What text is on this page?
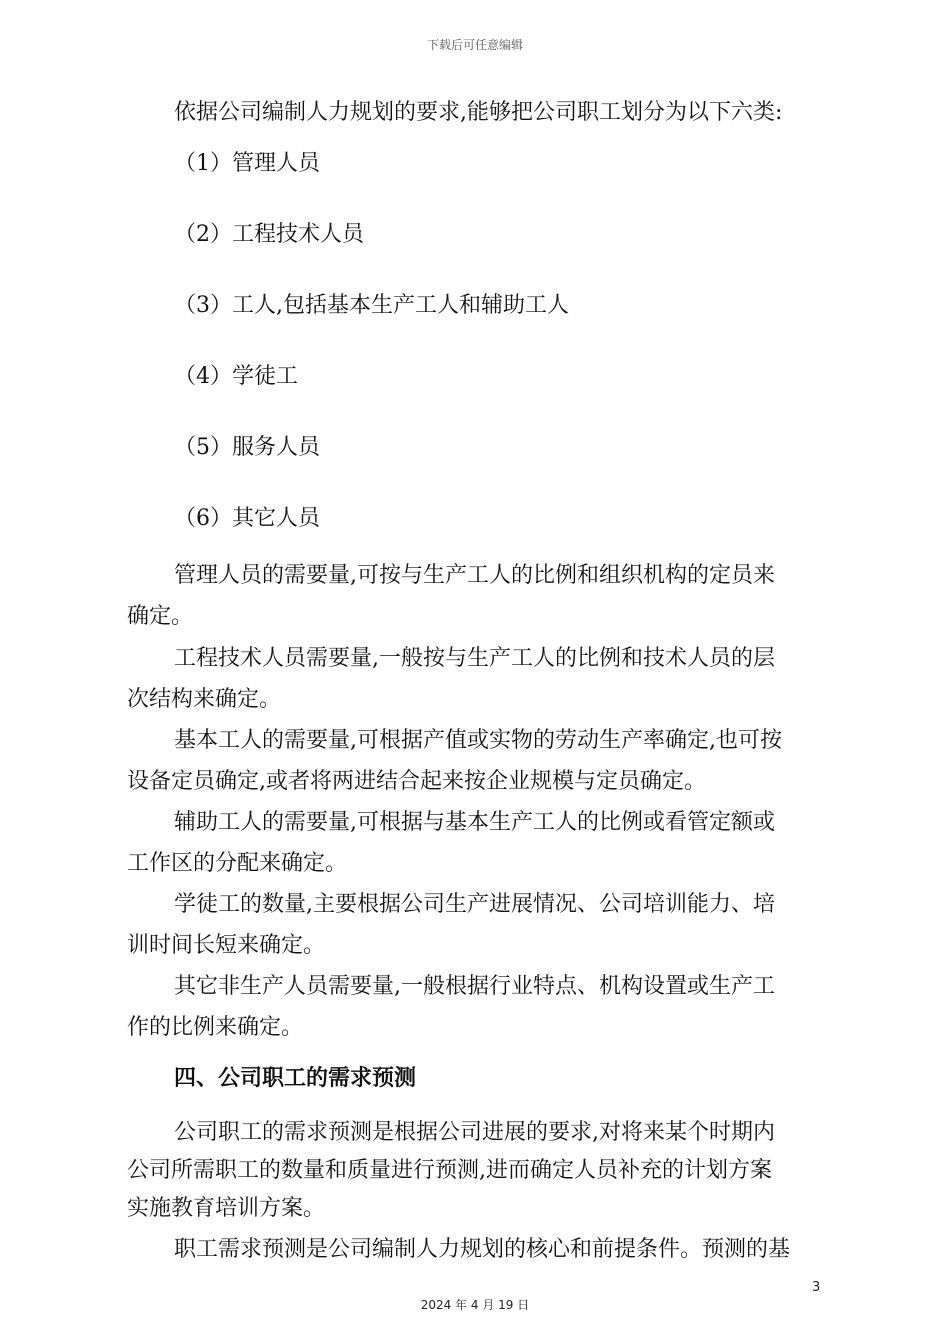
下载后可任意编辑
依据公司编制人力规划的要求,能够把公司职工划分为以下六类:
（1）管理人员
（2）工程技术人员
（3）工人,包括基本生产工人和辅助工人
（4）学徒工
（5）服务人员
（6）其它人员
管理人员的需要量,可按与生产工人的比例和组织机构的定员来
确定。
工程技术人员需要量,一般按与生产工人的比例和技术人员的层
次结构来确定。
基本工人的需要量,可根据产值或实物的劳动生产率确定,也可按
设备定员确定,或者将两进结合起来按企业规模与定员确定。
辅助工人的需要量,可根据与基本生产工人的比例或看管定额或
工作区的分配来确定。
学徒工的数量,主要根据公司生产进展情况、公司培训能力、培
训时间长短来确定。
其它非生产人员需要量,一般根据行业特点、机构设置或生产工
作的比例来确定。
四、公司职工的需求预测
公司职工的需求预测是根据公司进展的要求,对将来某个时期内
公司所需职工的数量和质量进行预测,进而确定人员补充的计划方案
实施教育培训方案。
职工需求预测是公司编制人力规划的核心和前提条件。预测的基
3
2024 年 4 月 19 日
